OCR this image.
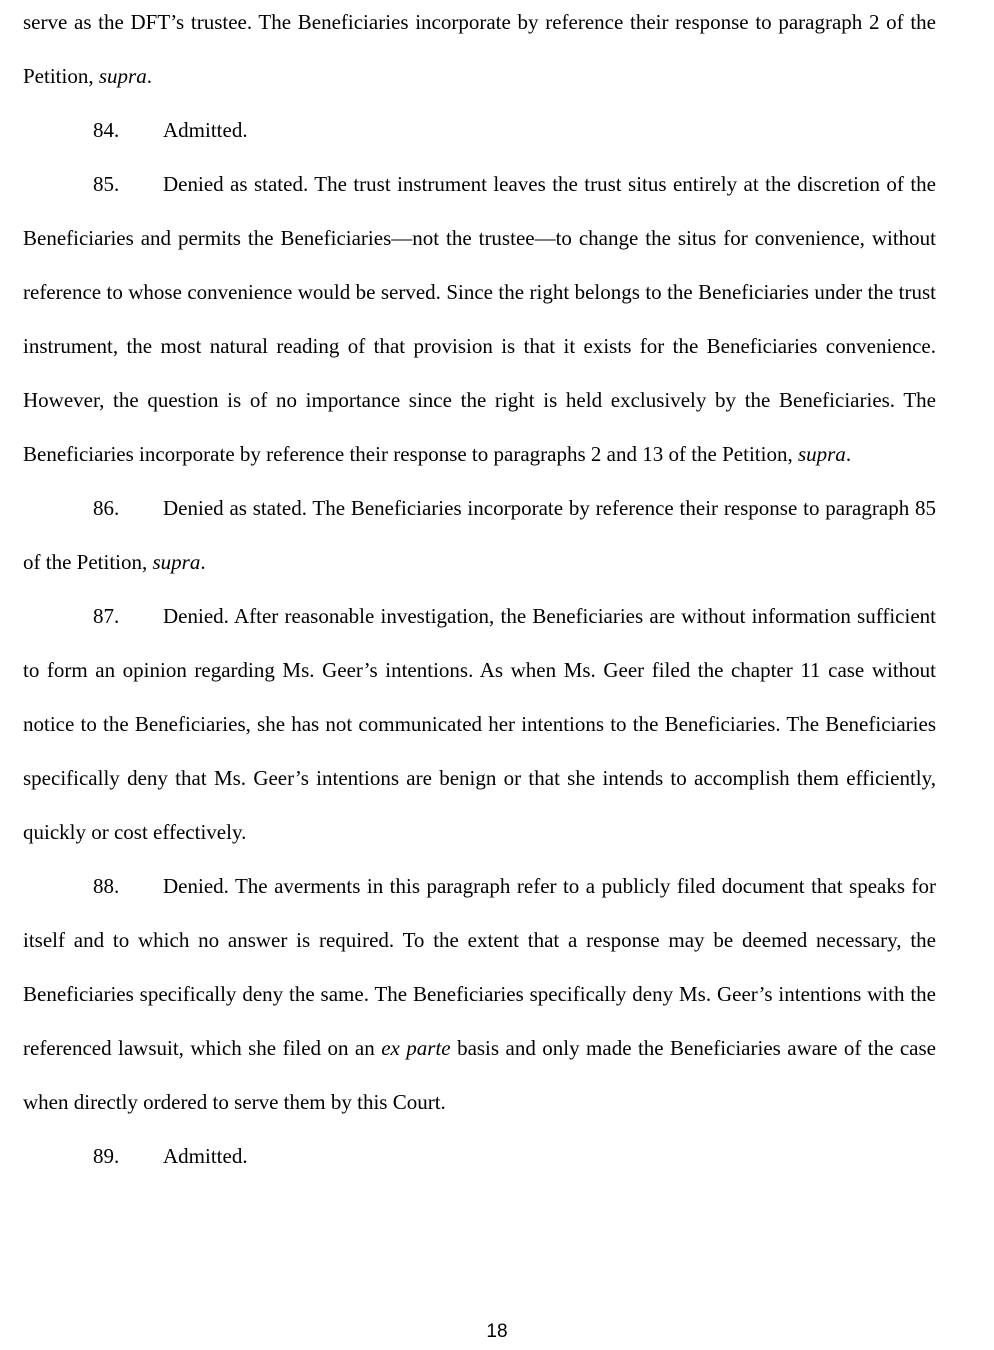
serve as the DFT’s trustee. The Beneficiaries incorporate by reference their response to paragraph 2 of the Petition, supra.

84. Admitted.

85. Denied as stated. The trust instrument leaves the trust situs entirely at the discretion of the Beneficiaries and permits the Beneficiaries—not the trustee—to change the situs for convenience, without reference to whose convenience would be served. Since the right belongs to the Beneficiaries under the trust instrument, the most natural reading of that provision is that it exists for the Beneficiaries convenience. However, the question is of no importance since the right is held exclusively by the Beneficiaries. The Beneficiaries incorporate by reference their response to paragraphs 2 and 13 of the Petition, supra.

86. Denied as stated. The Beneficiaries incorporate by reference their response to paragraph 85 of the Petition, supra.

87. Denied. After reasonable investigation, the Beneficiaries are without information sufficient to form an opinion regarding Ms. Geer’s intentions. As when Ms. Geer filed the chapter 11 case without notice to the Beneficiaries, she has not communicated her intentions to the Beneficiaries. The Beneficiaries specifically deny that Ms. Geer’s intentions are benign or that she intends to accomplish them efficiently, quickly or cost effectively.

88. Denied. The averments in this paragraph refer to a publicly filed document that speaks for itself and to which no answer is required. To the extent that a response may be deemed necessary, the Beneficiaries specifically deny the same. The Beneficiaries specifically deny Ms. Geer’s intentions with the referenced lawsuit, which she filed on an ex parte basis and only made the Beneficiaries aware of the case when directly ordered to serve them by this Court.

89. Admitted.

18
